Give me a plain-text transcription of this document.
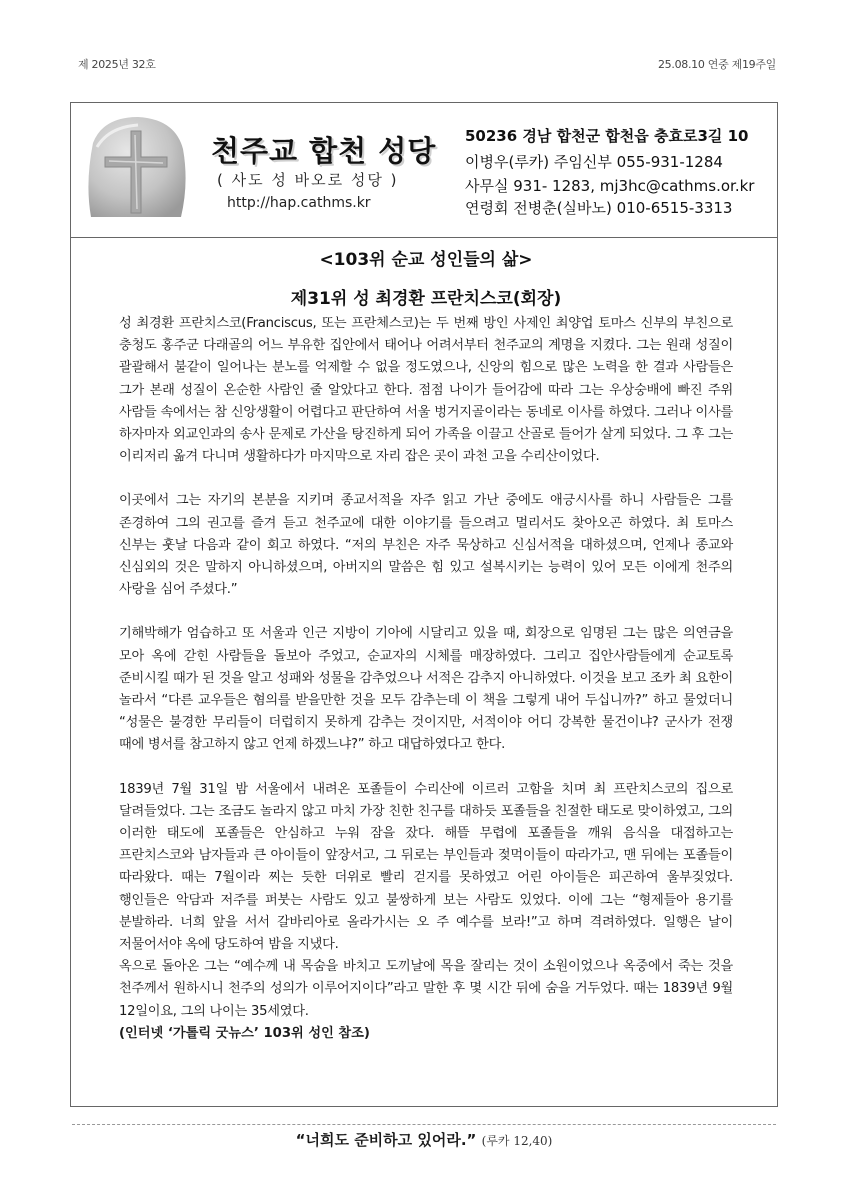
제 2025년 32호	25.08.10 연중 제19주일
천주교 합천 성당
( 사도 성 바오로 성당 )
http://hap.cathms.kr
50236 경남 합천군 합천읍 충효로3길 10
이병우(루카) 주임신부 055-931-1284
사무실 931- 1283, mj3hc@cathms.or.kr
연령회 전병춘(실바노) 010-6515-3313

<103위 순교 성인들의 삶>

제31위 성 최경환 프란치스코(회장)

성 최경환 프란치스코(Franciscus, 또는 프란체스코)는 두 번째 방인 사제인 최양업 토마스 신부의 부친으로 충청도 홍주군 다래골의 어느 부유한 집안에서 태어나 어려서부터 천주교의 계명을 지켰다. 그는 원래 성질이 괄괄해서 불같이 일어나는 분노를 억제할 수 없을 정도였으나, 신앙의 힘으로 많은 노력을 한 결과 사람들은 그가 본래 성질이 온순한 사람인 줄 알았다고 한다. 점점 나이가 들어감에 따라 그는 우상숭배에 빠진 주위 사람들 속에서는 참 신앙생활이 어렵다고 판단하여 서울 벙거지골이라는 동네로 이사를 하였다. 그러나 이사를 하자마자 외교인과의 송사 문제로 가산을 탕진하게 되어 가족을 이끌고 산골로 들어가 살게 되었다. 그 후 그는 이리저리 옮겨 다니며 생활하다가 마지막으로 자리 잡은 곳이 과천 고을 수리산이었다.

이곳에서 그는 자기의 본분을 지키며 종교서적을 자주 읽고 가난 중에도 애긍시사를 하니 사람들은 그를 존경하여 그의 권고를 즐겨 듣고 천주교에 대한 이야기를 들으려고 멀리서도 찾아오곤 하였다. 최 토마스 신부는 훗날 다음과 같이 회고 하였다. “저의 부친은 자주 묵상하고 신심서적을 대하셨으며, 언제나 종교와 신심외의 것은 말하지 아니하셨으며, 아버지의 말씀은 힘 있고 설복시키는 능력이 있어 모든 이에게 천주의 사랑을 심어 주셨다.”

기해박해가 엄습하고 또 서울과 인근 지방이 기아에 시달리고 있을 때, 회장으로 임명된 그는 많은 의연금을 모아 옥에 갇힌 사람들을 돌보아 주었고, 순교자의 시체를 매장하였다. 그리고 집안사람들에게 순교토록 준비시킬 때가 된 것을 알고 성패와 성물을 감추었으나 서적은 감추지 아니하였다. 이것을 보고 조카 최 요한이 놀라서 “다른 교우들은 혐의를 받을만한 것을 모두 감추는데 이 책을 그렇게 내어 두십니까?” 하고 물었더니 “성물은 불경한 무리들이 더럽히지 못하게 감추는 것이지만, 서적이야 어디 강복한 물건이냐? 군사가 전쟁 때에 병서를 참고하지 않고 언제 하겠느냐?” 하고 대답하였다고 한다.

1839년 7월 31일 밤 서울에서 내려온 포졸들이 수리산에 이르러 고함을 치며 최 프란치스코의 집으로 달려들었다. 그는 조금도 놀라지 않고 마치 가장 친한 친구를 대하듯 포졸들을 친절한 태도로 맞이하였고, 그의 이러한 태도에 포졸들은 안심하고 누워 잠을 잤다. 해뜰 무렵에 포졸들을 깨워 음식을 대접하고는 프란치스코와 남자들과 큰 아이들이 앞장서고, 그 뒤로는 부인들과 젖먹이들이 따라가고, 맨 뒤에는 포졸들이 따라왔다. 때는 7월이라 찌는 듯한 더위로 빨리 걷지를 못하였고 어린 아이들은 피곤하여 울부짖었다. 행인들은 악담과 저주를 퍼붓는 사람도 있고 불쌍하게 보는 사람도 있었다. 이에 그는 “형제들아 용기를 분발하라. 너희 앞을 서서 갈바리아로 올라가시는 오 주 예수를 보라!”고 하며 격려하였다. 일행은 날이 저물어서야 옥에 당도하여 밤을 지냈다.

옥으로 돌아온 그는 “예수께 내 목숨을 바치고 도끼날에 목을 잘리는 것이 소원이었으나 옥중에서 죽는 것을 천주께서 원하시니 천주의 성의가 이루어지이다”라고 말한 후 몇 시간 뒤에 숨을 거두었다. 때는 1839년 9월 12일이요, 그의 나이는 35세였다.

(인터넷 ‘가톨릭 굿뉴스’ 103위 성인 참조)
“너희도 준비하고 있어라.” (루카 12,40)
